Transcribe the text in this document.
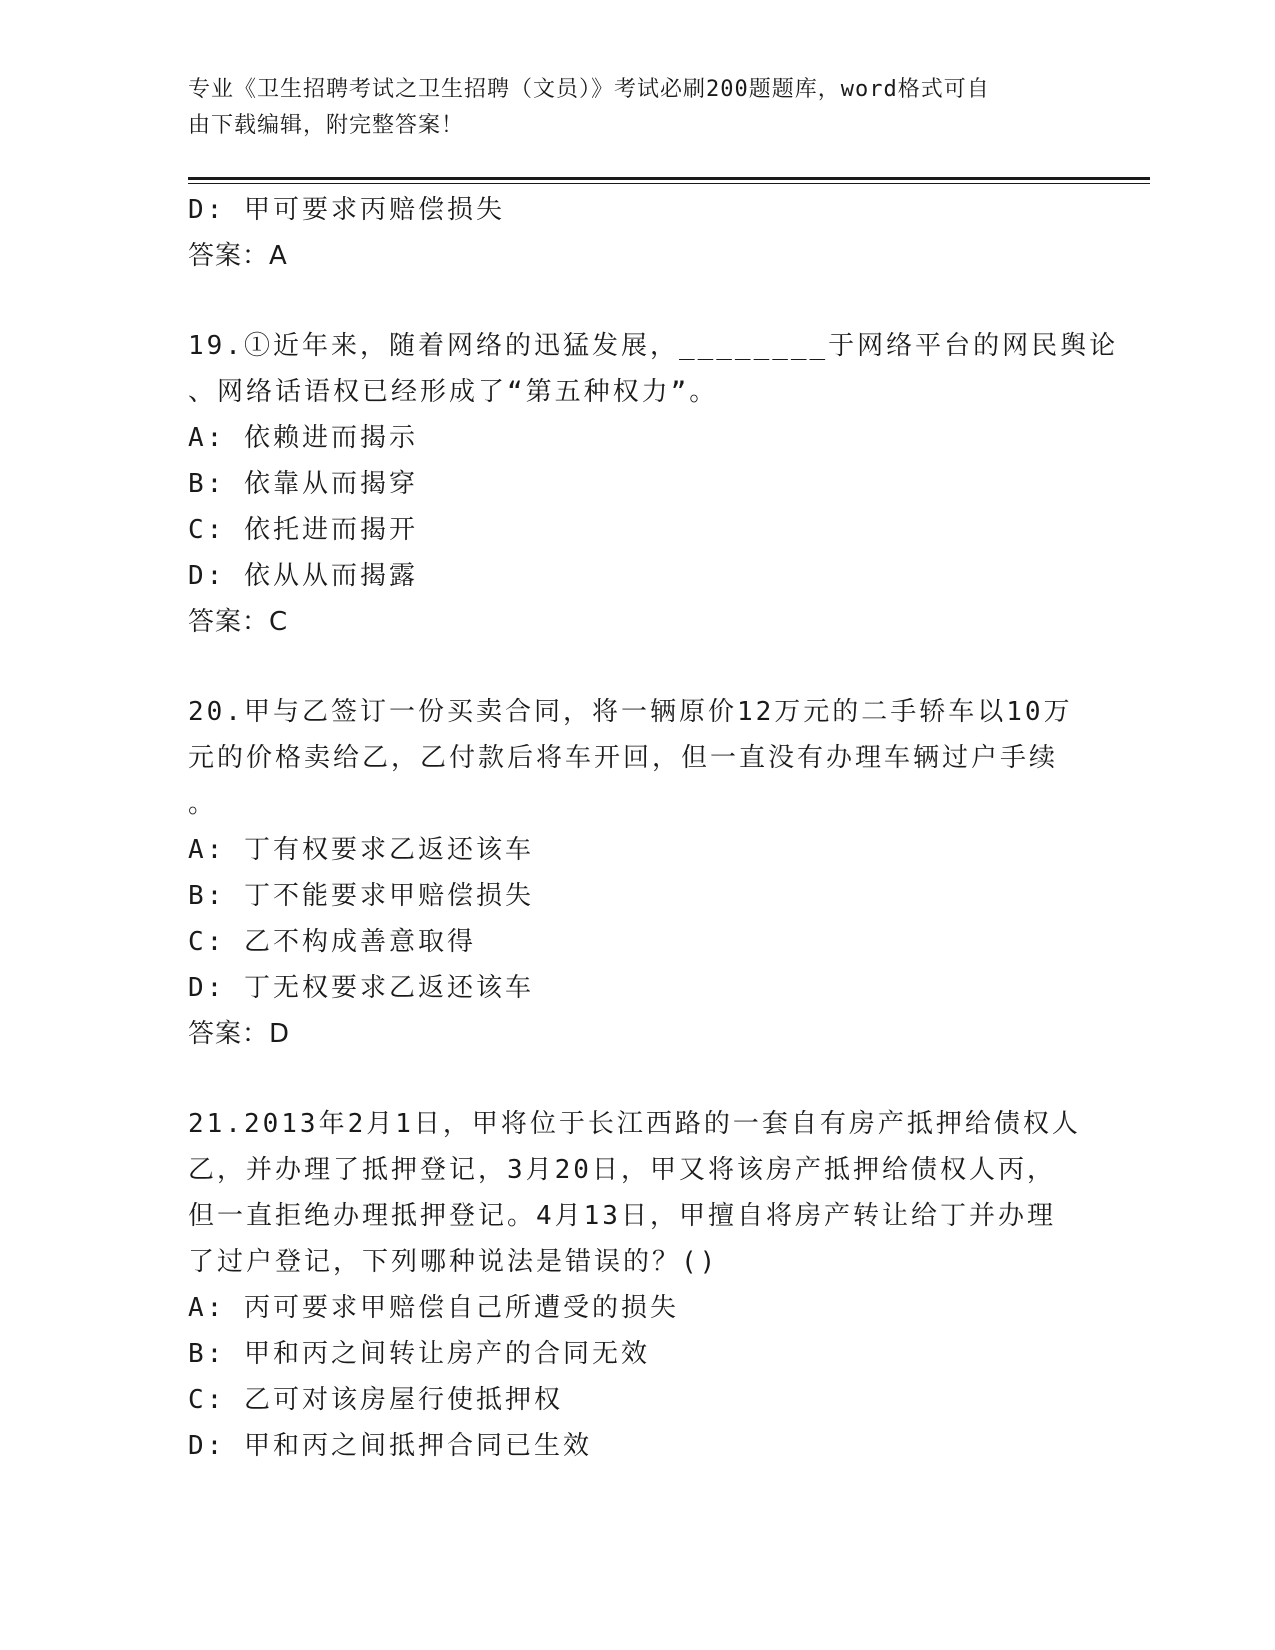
专业《卫生招聘考试之卫生招聘（文员）》考试必刷200题题库，word格式可自
由下载编辑，附完整答案！
D: 甲可要求丙赔偿损失
答案：A
19.①近年来，随着网络的迅猛发展，________于网络平台的网民舆论
、网络话语权已经形成了“第五种权力”。
A: 依赖进而揭示
B: 依靠从而揭穿
C: 依托进而揭开
D: 依从从而揭露
答案：C
20.甲与乙签订一份买卖合同，将一辆原价12万元的二手轿车以10万
元的价格卖给乙，乙付款后将车开回，但一直没有办理车辆过户手续
。
A: 丁有权要求乙返还该车
B: 丁不能要求甲赔偿损失
C: 乙不构成善意取得
D: 丁无权要求乙返还该车
答案：D
21.2013年2月1日，甲将位于长江西路的一套自有房产抵押给债权人
乙，并办理了抵押登记，3月20日，甲又将该房产抵押给债权人丙，
但一直拒绝办理抵押登记。4月13日，甲擅自将房产转让给丁并办理
了过户登记，下列哪种说法是错误的？()
A: 丙可要求甲赔偿自己所遭受的损失
B: 甲和丙之间转让房产的合同无效
C: 乙可对该房屋行使抵押权
D: 甲和丙之间抵押合同已生效
